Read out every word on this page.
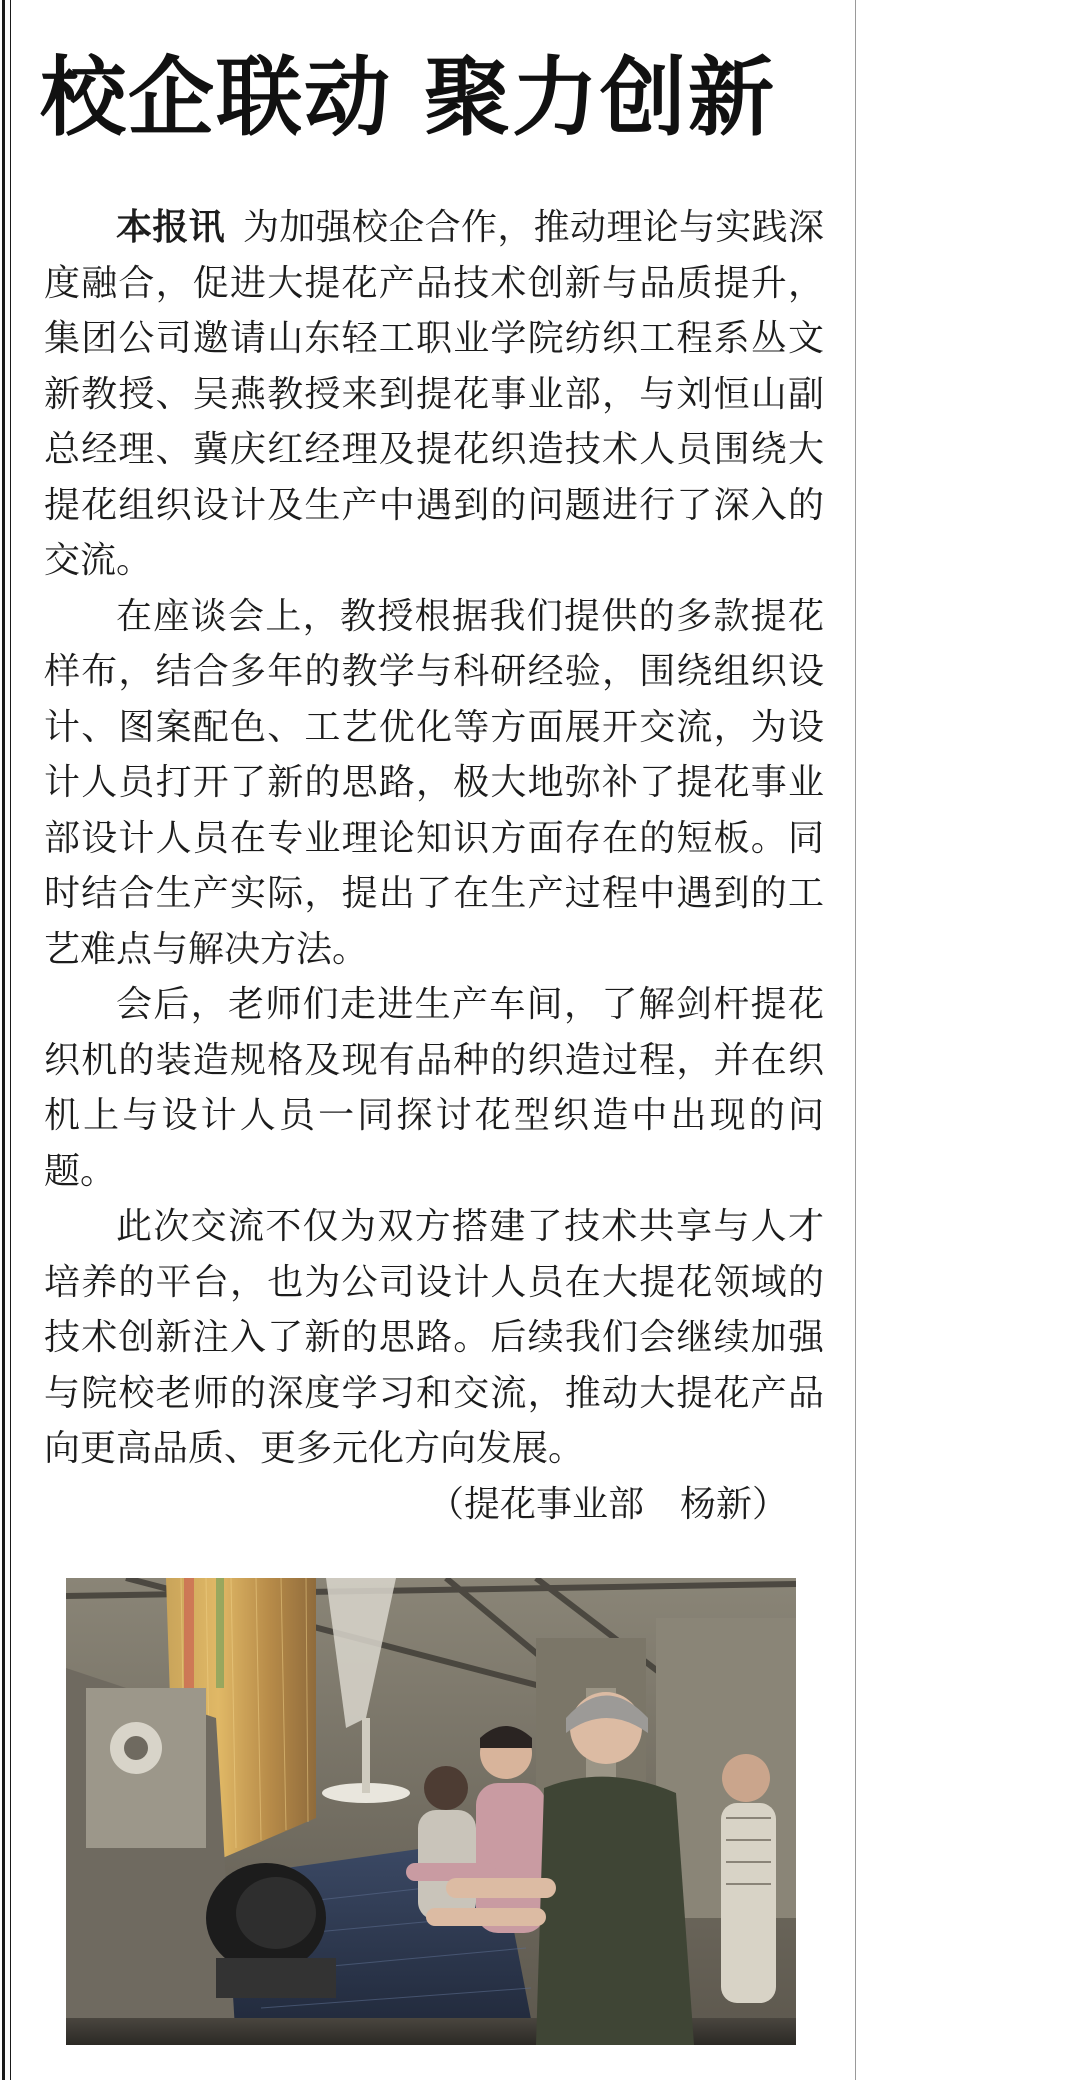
校企联动 聚力创新

本报讯 为加强校企合作，推动理论与实践深度融合，促进大提花产品技术创新与品质提升，集团公司邀请山东轻工职业学院纺织工程系丛文新教授、吴燕教授来到提花事业部，与刘恒山副总经理、冀庆红经理及提花织造技术人员围绕大提花组织设计及生产中遇到的问题进行了深入的交流。

在座谈会上，教授根据我们提供的多款提花样布，结合多年的教学与科研经验，围绕组织设计、图案配色、工艺优化等方面展开交流，为设计人员打开了新的思路，极大地弥补了提花事业部设计人员在专业理论知识方面存在的短板。同时结合生产实际，提出了在生产过程中遇到的工艺难点与解决方法。

会后，老师们走进生产车间，了解剑杆提花织机的装造规格及现有品种的织造过程，并在织机上与设计人员一同探讨花型织造中出现的问题。

此次交流不仅为双方搭建了技术共享与人才培养的平台，也为公司设计人员在大提花领域的技术创新注入了新的思路。后续我们会继续加强与院校老师的深度学习和交流，推动大提花产品向更高品质、更多元化方向发展。
（提花事业部　杨新）
